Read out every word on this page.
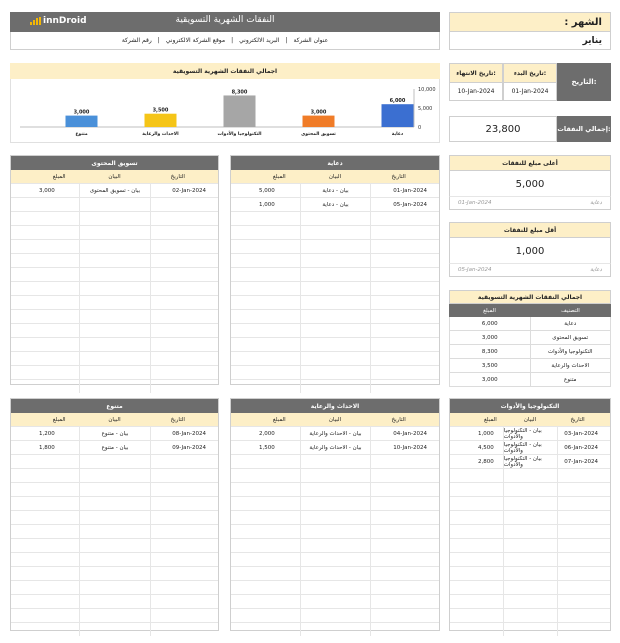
innDroid	النفقات الشهرية التسويقية
عنوان الشركة
|
البريد الالكتروني
|
موقع الشركة الالكتروني
|
رقم الشركة
الشهر :
يناير
اجمالي النفقات الشهرية التسويقية
10,000
5,000
0
3,000
متنوع
3,500
الاحداث والرعاية
8,300
التكنولوجيا والأدوات
3,000
تسويق المحتوى
6,000
دعاية
التاريخ:
تاريخ البدء:
تاريخ الانتهاء:
01-Jan-2024
10-Jan-2024
إجمالي النفقات:
23,800
أعلى مبلغ للنفقات
5,000
01-Jan-2024	دعاية
أقل مبلغ للنفقات
1,000
05-Jan-2024	دعاية
اجمالي النفقات الشهرية التسويقية
المبلغ	التصنيف
6,000	دعاية
3,000	تسويق المحتوى
8,300	التكنولوجيا والأدوات
3,500	الاحداث والرعاية
3,000	متنوع
تسويق المحتوى
المبلغ	البيان	التاريخ
3,000	بيان - تسويق المحتوى	02-Jan-2024
دعاية
المبلغ	البيان	التاريخ
5,000	بيان - دعاية	01-Jan-2024
1,000	بيان - دعاية	05-Jan-2024
متنوع
المبلغ	البيان	التاريخ
1,200	بيان - متنوع	08-Jan-2024
1,800	بيان - متنوع	09-Jan-2024
الاحداث والرعاية
المبلغ	البيان	التاريخ
2,000	بيان - الاحداث والرعاية	04-Jan-2024
1,500	بيان - الاحداث والرعاية	10-Jan-2024
التكنولوجيا والأدوات
المبلغ	البيان	التاريخ
1,000	بيان - التكنولوجيا والأدوات	03-Jan-2024
4,500	بيان - التكنولوجيا والأدوات	06-Jan-2024
2,800	بيان - التكنولوجيا والأدوات	07-Jan-2024
